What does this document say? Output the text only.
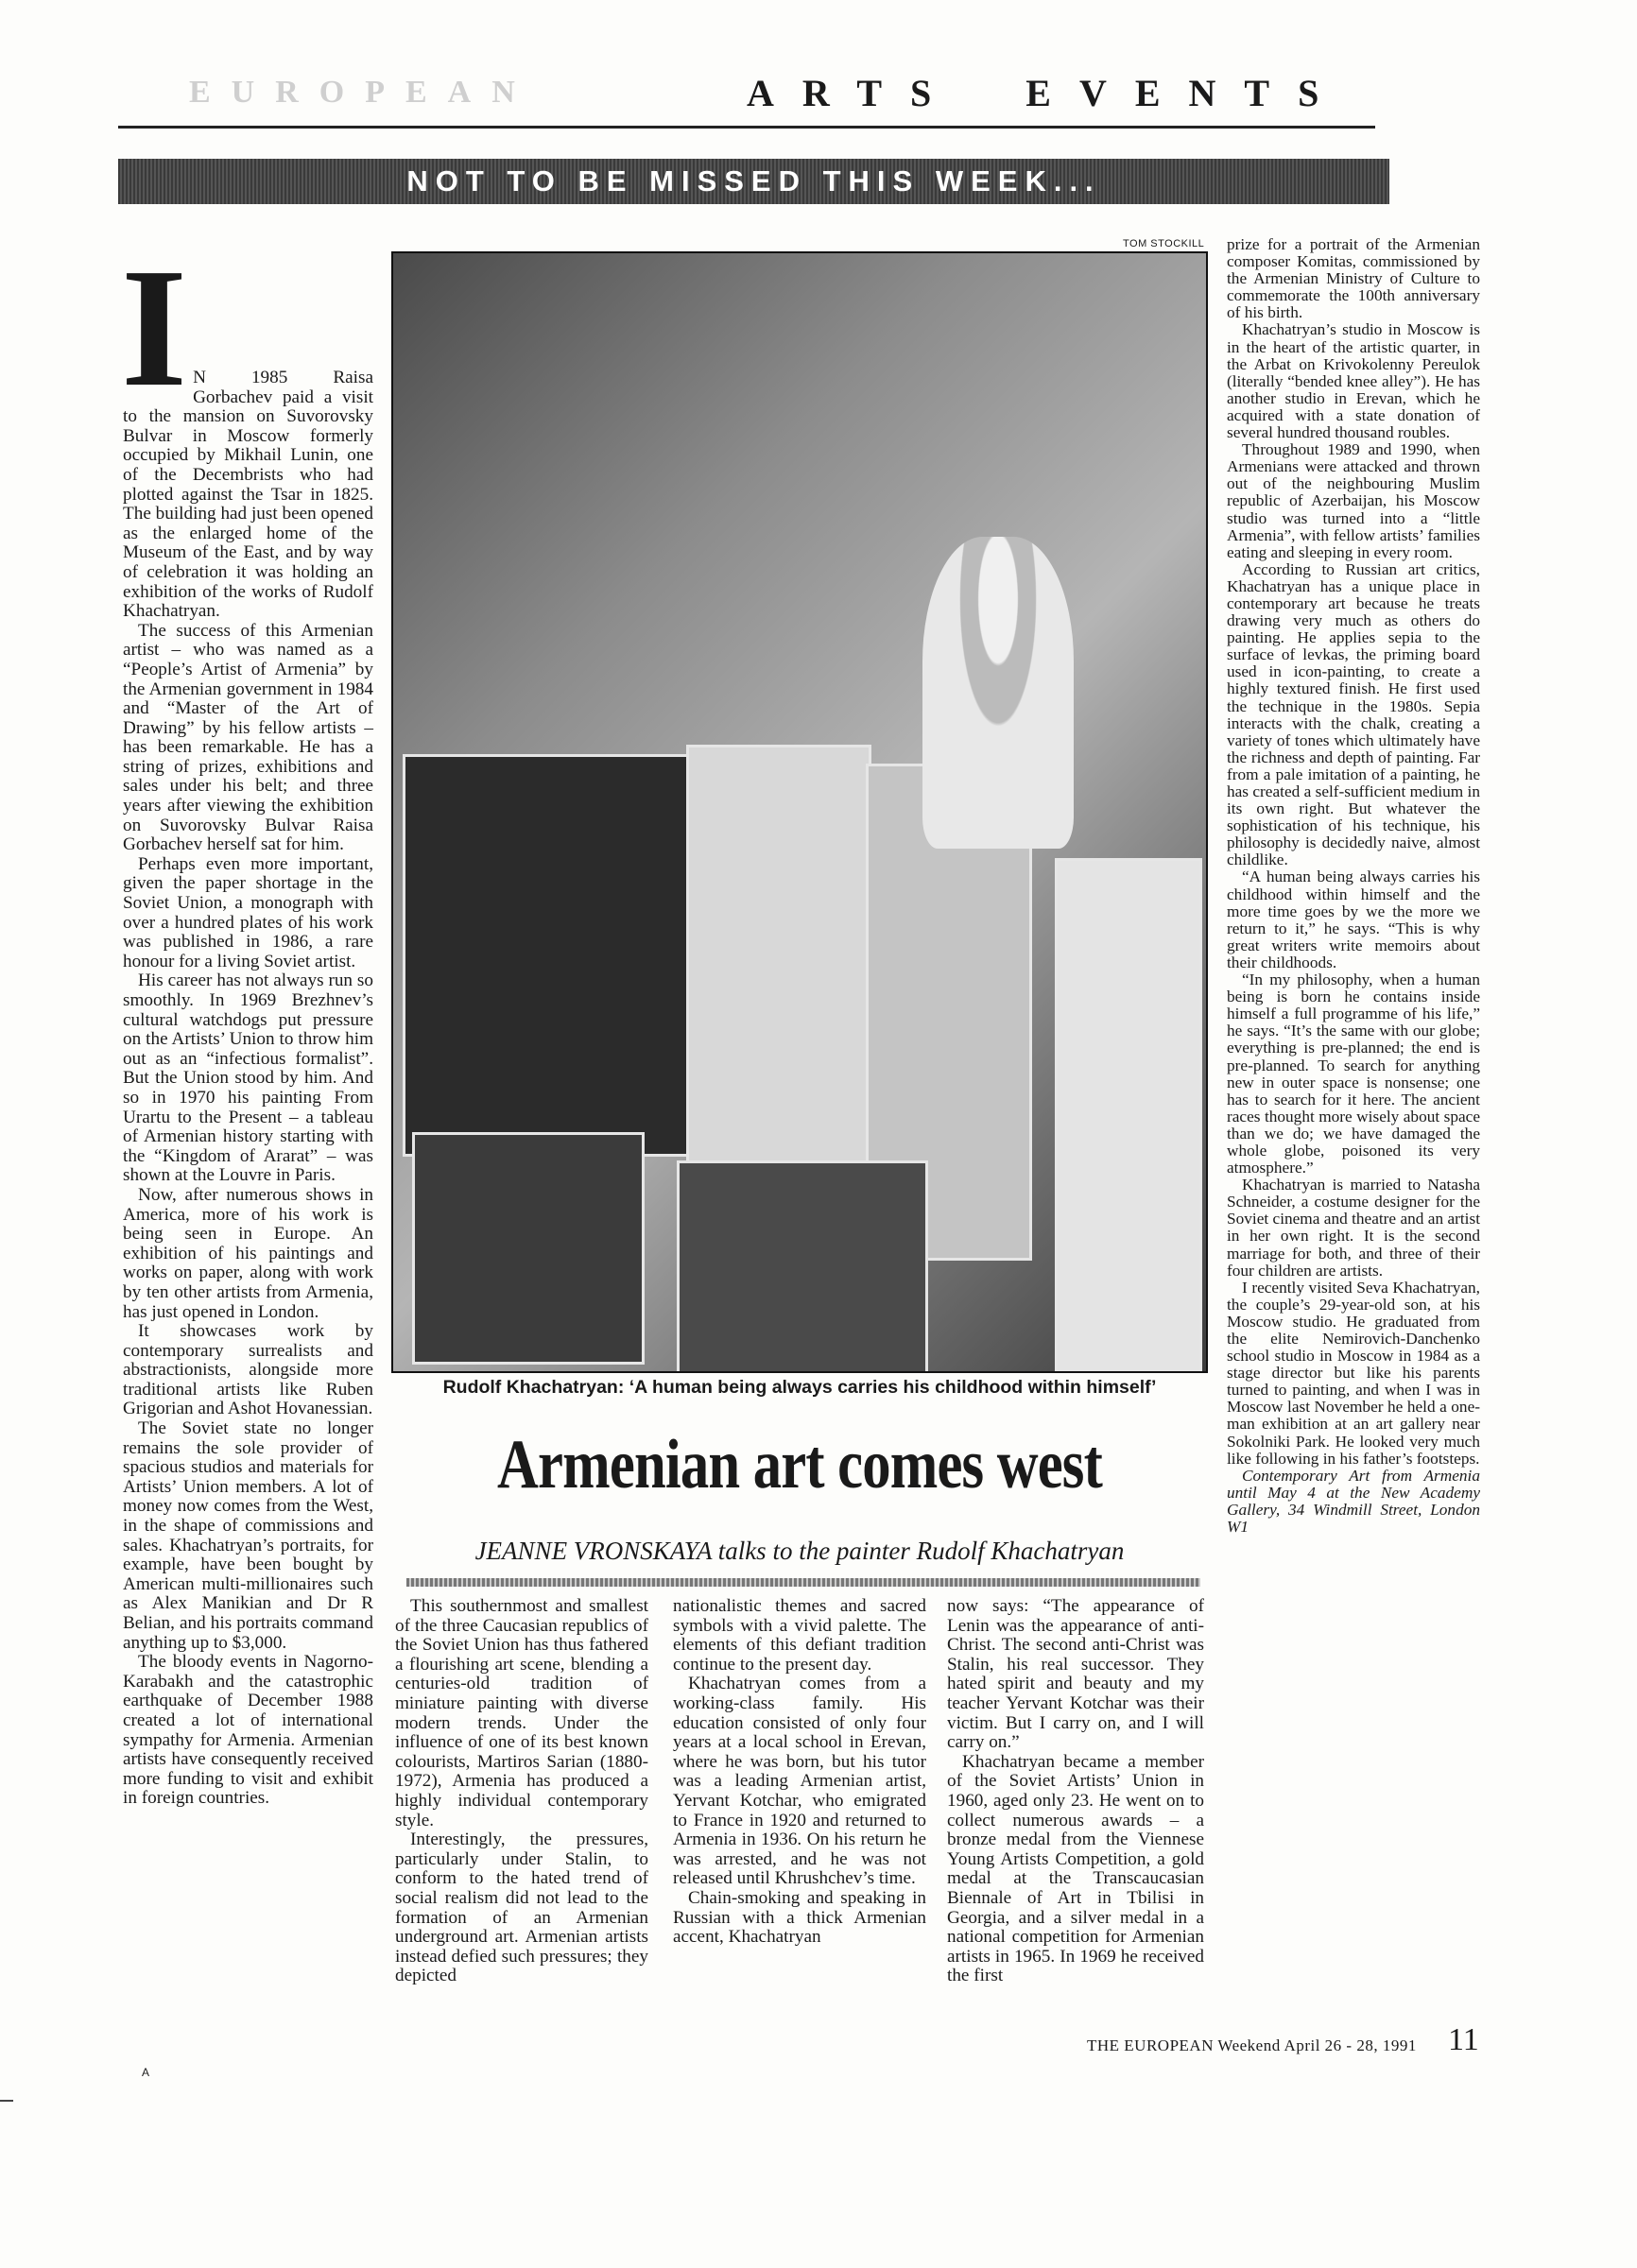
EUROPEAN	ARTS EVENTS
NOT TO BE MISSED THIS WEEK...
I N 1985 Raisa Gorbachev paid a visit to the mansion on Suvorovsky Bulvar in Moscow formerly occupied by Mikhail Lunin, one of the Decembrists who had plotted against the Tsar in 1825. The building had just been opened as the enlarged home of the Museum of the East, and by way of celebration it was holding an exhibition of the works of Rudolf Khachatryan.

The success of this Armenian artist – who was named as a “People’s Artist of Armenia” by the Armenian government in 1984 and “Master of the Art of Drawing” by his fellow artists – has been remarkable. He has a string of prizes, exhibitions and sales under his belt; and three years after viewing the exhibition on Suvorovsky Bulvar Raisa Gorbachev herself sat for him.

Perhaps even more important, given the paper shortage in the Soviet Union, a monograph with over a hundred plates of his work was published in 1986, a rare honour for a living Soviet artist.

His career has not always run so smoothly. In 1969 Brezhnev’s cultural watchdogs put pressure on the Artists’ Union to throw him out as an “infectious formalist”. But the Union stood by him. And so in 1970 his painting From Urartu to the Present – a tableau of Armenian history starting with the “Kingdom of Ararat” – was shown at the Louvre in Paris.

Now, after numerous shows in America, more of his work is being seen in Europe. An exhibition of his paintings and works on paper, along with work by ten other artists from Armenia, has just opened in London.

It showcases work by contemporary surrealists and abstractionists, alongside more traditional artists like Ruben Grigorian and Ashot Hovanessian.

The Soviet state no longer remains the sole provider of spacious studios and materials for Artists’ Union members. A lot of money now comes from the West, in the shape of commissions and sales. Khachatryan’s portraits, for example, have been bought by American multi-millionaires such as Alex Manikian and Dr R Belian, and his portraits command anything up to $3,000.

The bloody events in Nagorno-Karabakh and the catastrophic earthquake of December 1988 created a lot of international sympathy for Armenia. Armenian artists have consequently received more funding to visit and exhibit in foreign countries.

TOM STOCKILL
Rudolf Khachatryan: ‘A human being always carries his childhood within himself’
Armenian art comes west
JEANNE VRONSKAYA talks to the painter Rudolf Khachatryan

This southernmost and smallest of the three Caucasian republics of the Soviet Union has thus fathered a flourishing art scene, blending a centuries-old tradition of miniature painting with diverse modern trends. Under the influence of one of its best known colourists, Martiros Sarian (1880-1972), Armenia has produced a highly individual contemporary style.

Interestingly, the pressures, particularly under Stalin, to conform to the hated trend of social realism did not lead to the formation of an Armenian underground art. Armenian artists instead defied such pressures; they depicted

nationalistic themes and sacred symbols with a vivid palette. The elements of this defiant tradition continue to the present day.

Khachatryan comes from a working-class family. His education consisted of only four years at a local school in Erevan, where he was born, but his tutor was a leading Armenian artist, Yervant Kotchar, who emigrated to France in 1920 and returned to Armenia in 1936. On his return he was arrested, and he was not released until Khrushchev’s time.

Chain-smoking and speaking in Russian with a thick Armenian accent, Khachatryan

now says: “The appearance of Lenin was the appearance of anti-Christ. The second anti-Christ was Stalin, his real successor. They hated spirit and beauty and my teacher Yervant Kotchar was their victim. But I carry on, and I will carry on.”

Khachatryan became a member of the Soviet Artists’ Union in 1960, aged only 23. He went on to collect numerous awards – a bronze medal from the Viennese Young Artists Competition, a gold medal at the Transcaucasian Biennale of Art in Tbilisi in Georgia, and a silver medal in a national competition for Armenian artists in 1965. In 1969 he received the first

prize for a portrait of the Armenian composer Komitas, commissioned by the Armenian Ministry of Culture to commemorate the 100th anniversary of his birth.

Khachatryan’s studio in Moscow is in the heart of the artistic quarter, in the Arbat on Krivokolenny Pereulok (literally “bended knee alley”). He has another studio in Erevan, which he acquired with a state donation of several hundred thousand roubles.

Throughout 1989 and 1990, when Armenians were attacked and thrown out of the neighbouring Muslim republic of Azerbaijan, his Moscow studio was turned into a “little Armenia”, with fellow artists’ families eating and sleeping in every room.

According to Russian art critics, Khachatryan has a unique place in contemporary art because he treats drawing very much as others do painting. He applies sepia to the surface of levkas, the priming board used in icon-painting, to create a highly textured finish. He first used the technique in the 1980s. Sepia interacts with the chalk, creating a variety of tones which ultimately have the richness and depth of painting. Far from a pale imitation of a painting, he has created a self-sufficient medium in its own right. But whatever the sophistication of his technique, his philosophy is decidedly naive, almost childlike.

“A human being always carries his childhood within himself and the more time goes by we the more we return to it,” he says. “This is why great writers write memoirs about their childhoods.

“In my philosophy, when a human being is born he contains inside himself a full programme of his life,” he says. “It’s the same with our globe; everything is pre-planned; the end is pre-planned. To search for anything new in outer space is nonsense; one has to search for it here. The ancient races thought more wisely about space than we do; we have damaged the whole globe, poisoned its very atmosphere.”

Khachatryan is married to Natasha Schneider, a costume designer for the Soviet cinema and theatre and an artist in her own right. It is the second marriage for both, and three of their four children are artists.

I recently visited Seva Khachatryan, the couple’s 29-year-old son, at his Moscow studio. He graduated from the elite Nemirovich-Danchenko school studio in Moscow in 1984 as a stage director but like his parents turned to painting, and when I was in Moscow last November he held a one-man exhibition at an art gallery near Sokolniki Park. He looked very much like following in his father’s footsteps.

Contemporary Art from Armenia until May 4 at the New Academy Gallery, 34 Windmill Street, London W1

THE EUROPEAN Weekend April 26 - 28, 1991 11
A
